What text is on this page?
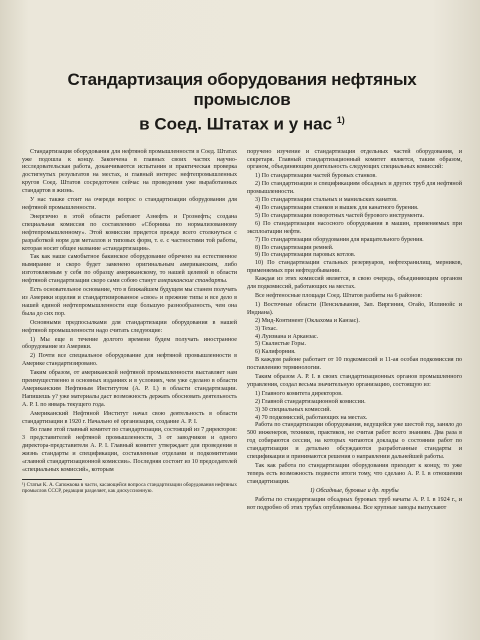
Стандартизация оборудования нефтяных промыслов
в Соед. Штатах и у нас $^{1)}$

Стандартизация оборудования для нефтяной промышленности в Соед. Штатах уже подошла к концу. Законченa в главных своих частях научно-исследовательская работа, доканчиваются испытания и практическая проверка достигнутых результатов на местах, и главный интерес нефтепромышленных кругов Соед. Штатов сосредоточен сейчас на проведении уже выработанных стандартов в жизнь.

У нас также стоит на очереди вопрос о стандартизации оборудования для нефтяной промышленности.

Энергично в этой области работают Азнефть и Грознефть; создана специальная комиссия по составлению «Сборника по нормализованному нефтепромышленному». Этой комиссии придется прежде всего столкнуться с разработкой норм для металлов и типовых форм, т. е. с частностями той работы, которая носит общее название «стандартизация».

Так как наше самобытное бакинское оборудование обречено на естественное вымирание и скоро будет заменено оригинальным американским, либо изготовляемым у себя по образцу американскому, то нашей целевой в области нефтяной стандартизации скоро сами собою станут американские стандарты.

Есть основательное основание, что в ближайшем будущем мы станем получать из Америки изделия и стандартизированное «свое» и прежние типы и все дело в нашей единой нефтепромышленности еще большую разнообразность, чем она была до сих пор.

Основными предпосылками для стандартизации оборудования в нашей нефтяной промышленности надо считать следующие:

1) Мы еще в течение долгого времени будем получать иностранное оборудование из Америки.

2) Почти все специальное оборудование для нефтяной промышленности в Америке стандартизировано.

Таким образом, от американской нефтяной промышленности выставляет нам преимущественно в основных изданиях и в условиях, чем уже сделано в области Американским Нефтяным Институтом (A. P. I.) в области стандартизации. Напишешь y? уже материалы даст возможность держать обосновать деятельность A. P. I. по январь текущего года.

Американский Нефтяной Институт начал свою деятельность в области стандартизации в 1920 г. Начально её организация, создание A. P. I.

Во главе этой главный комитет по стандартизации, состоящий из 7 директоров: 3 представителей нефтяной промышленности, 3 от заводчиков и одного директора-представителя A. P. I. Главный комитет утверждает для проведения в жизнь стандарты и спецификации, составленные отделами и подкомитетами «главной стандартизационной комиссии». Последняя состоит из 10 председателей «специальных комиссий», которым

¹) Статья К. А. Сапожкова в части, касающейся вопроса стандартизации оборудования нефтяных промыслов СССР, редакция разделяет, как дискуссионную.

поручено изучение и стандартизация отдельных частей оборудования, и секретаря. Главный стандартизационный комитет является, таким образом, органом, объединяющим деятельность следующих специальных комиссий:

1) По стандартизации частей буровых станков.
2) По стандартизации и спецификациям обсадных и других труб для нефтяной промышленности.
3) По стандартизации стальных и манильских канатов.
4) По стандартизации станков и вышек для канатного бурения.
5) По стандартизации поворотных частей бурового инструмента.
6) По стандартизации насосного оборудования в машин, применяемых при эксплоатации нефти.
7) По стандартизации оборудования для вращательного бурения.
8) По стандартизации ремней.
9) По стандартизации паровых котлов.
10) По стандартизации стальных резервуаров, нефтехранилищ, мерников, применяемых при нефтедобывании.

Каждая из этих комиссий является, в свою очередь, объединяющим органом для подкомиссий, работающих на местах.

Все нефтеносные площади Соед. Штатов разбиты на 6 районов:

1) Восточные области (Пенсильвания, Зап. Виргиния, Огайо, Иллинойс и Индиана).
2) Мид-Континент (Оклахома и Канзас).
3) Техас.
4) Луизиана и Арканзас.
5) Скалистые Горы.
6) Калифорния.

В каждом районе работает от 10 подкомиссий и 11-ая особая подкомиссия по поставлению терминологии.

Таким образом A. P. I. в своих стандартизационных органов промышленного управления, создал весьма значительную организацию, состоящую из:

1) Главного комитета директоров.
2) Главной стандартизационной комиссии.
3) 30 специальных комиссий.
4) 70 подкомиссий, работающих на местах.

Работа по стандартизации оборудования, ведущейся уже шестой год, заняло до 500 инженеров, техников, практиков, не считая работ всего знаниям. Два раза в год собираются сессии, на которых читаются доклады о состоянии работ по стандартизации и детально обсуждаются разработанные стандарты и спецификации и принимаются решения о направлении дальнейшей работы.

Так как работа по стандартизации оборудования приходит к концу, то уже теперь есть возможность подвести итоги тому, что сделано A. P. I. в отношении стандартизации.

I) Обсадные, буровые и др. трубы

Работы по стандартизации обсадных буровых труб начаты A. P. I. в 1924 г., и вот подробно об этих трубах опубликованы. Все крупные заводы выпускают
